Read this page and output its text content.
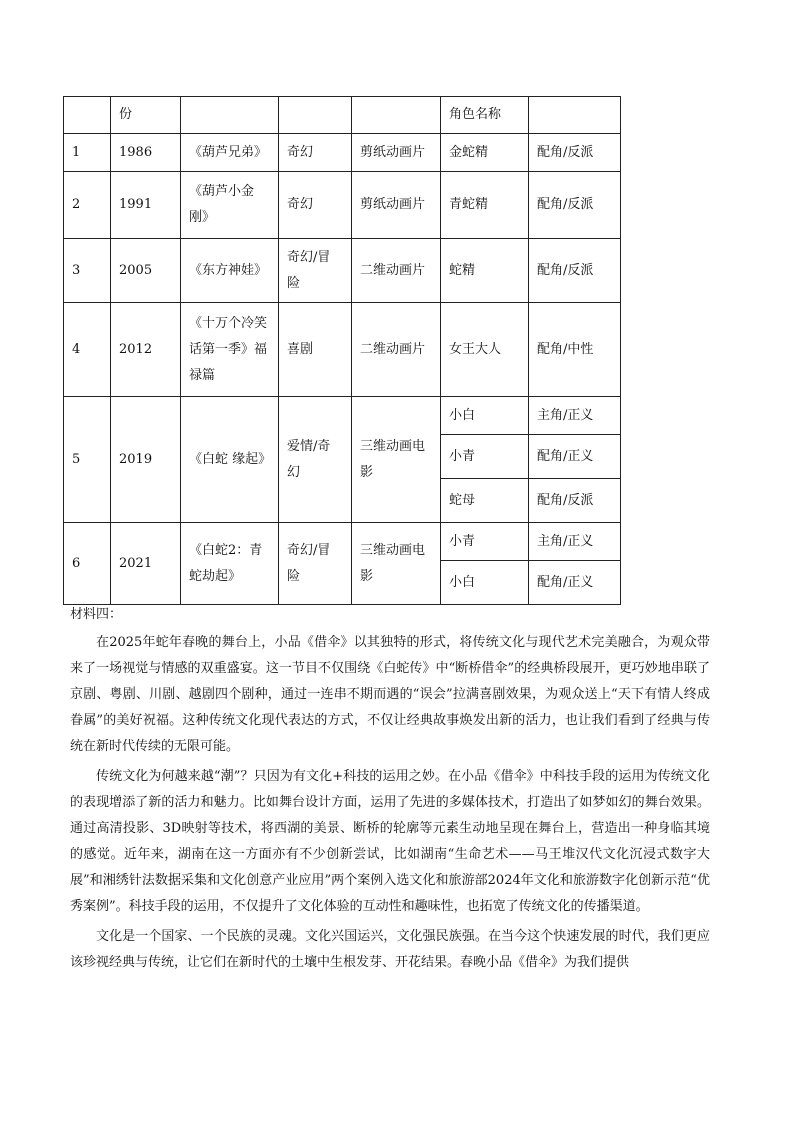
	份				角色名称	
1	1986	《葫芦兄弟》	奇幻	剪纸动画片	金蛇精	配角/反派
2	1991	《葫芦小金刚》	奇幻	剪纸动画片	青蛇精	配角/反派
3	2005	《东方神娃》	奇幻/冒险	二维动画片	蛇精	配角/反派
4	2012	《十万个冷笑话第一季》福禄篇	喜剧	二维动画片	女王大人	配角/中性
5	2019	《白蛇 缘起》	爱情/奇幻	三维动画电影	小白	主角/正义
					小青	配角/正义
					蛇母	配角/反派
6	2021	《白蛇2：青蛇劫起》	奇幻/冒险	三维动画电影	小青	主角/正义
					小白	配角/正义
材料四：

在2025年蛇年春晚的舞台上，小品《借伞》以其独特的形式，将传统文化与现代艺术完美融合，为观众带来了一场视觉与情感的双重盛宴。这一节目不仅围绕《白蛇传》中“断桥借伞”的经典桥段展开，更巧妙地串联了京剧、粤剧、川剧、越剧四个剧种，通过一连串不期而遇的“误会”拉满喜剧效果，为观众送上“天下有情人终成眷属”的美好祝福。这种传统文化现代表达的方式，不仅让经典故事焕发出新的活力，也让我们看到了经典与传统在新时代传续的无限可能。

传统文化为何越来越“潮”？只因为有文化+科技的运用之妙。在小品《借伞》中科技手段的运用为传统文化的表现增添了新的活力和魅力。比如舞台设计方面，运用了先进的多媒体技术，打造出了如梦如幻的舞台效果。通过高清投影、3D映射等技术，将西湖的美景、断桥的轮廓等元素生动地呈现在舞台上，营造出一种身临其境的感觉。近年来，湖南在这一方面亦有不少创新尝试，比如湖南“生命艺术——马王堆汉代文化沉浸式数字大展”和湘绣针法数据采集和文化创意产业应用”两个案例入选文化和旅游部2024年文化和旅游数字化创新示范“优秀案例”。科技手段的运用，不仅提升了文化体验的互动性和趣味性，也拓宽了传统文化的传播渠道。

文化是一个国家、一个民族的灵魂。文化兴国运兴，文化强民族强。在当今这个快速发展的时代，我们更应该珍视经典与传统，让它们在新时代的土壤中生根发芽、开花结果。春晚小品《借伞》为我们提供
